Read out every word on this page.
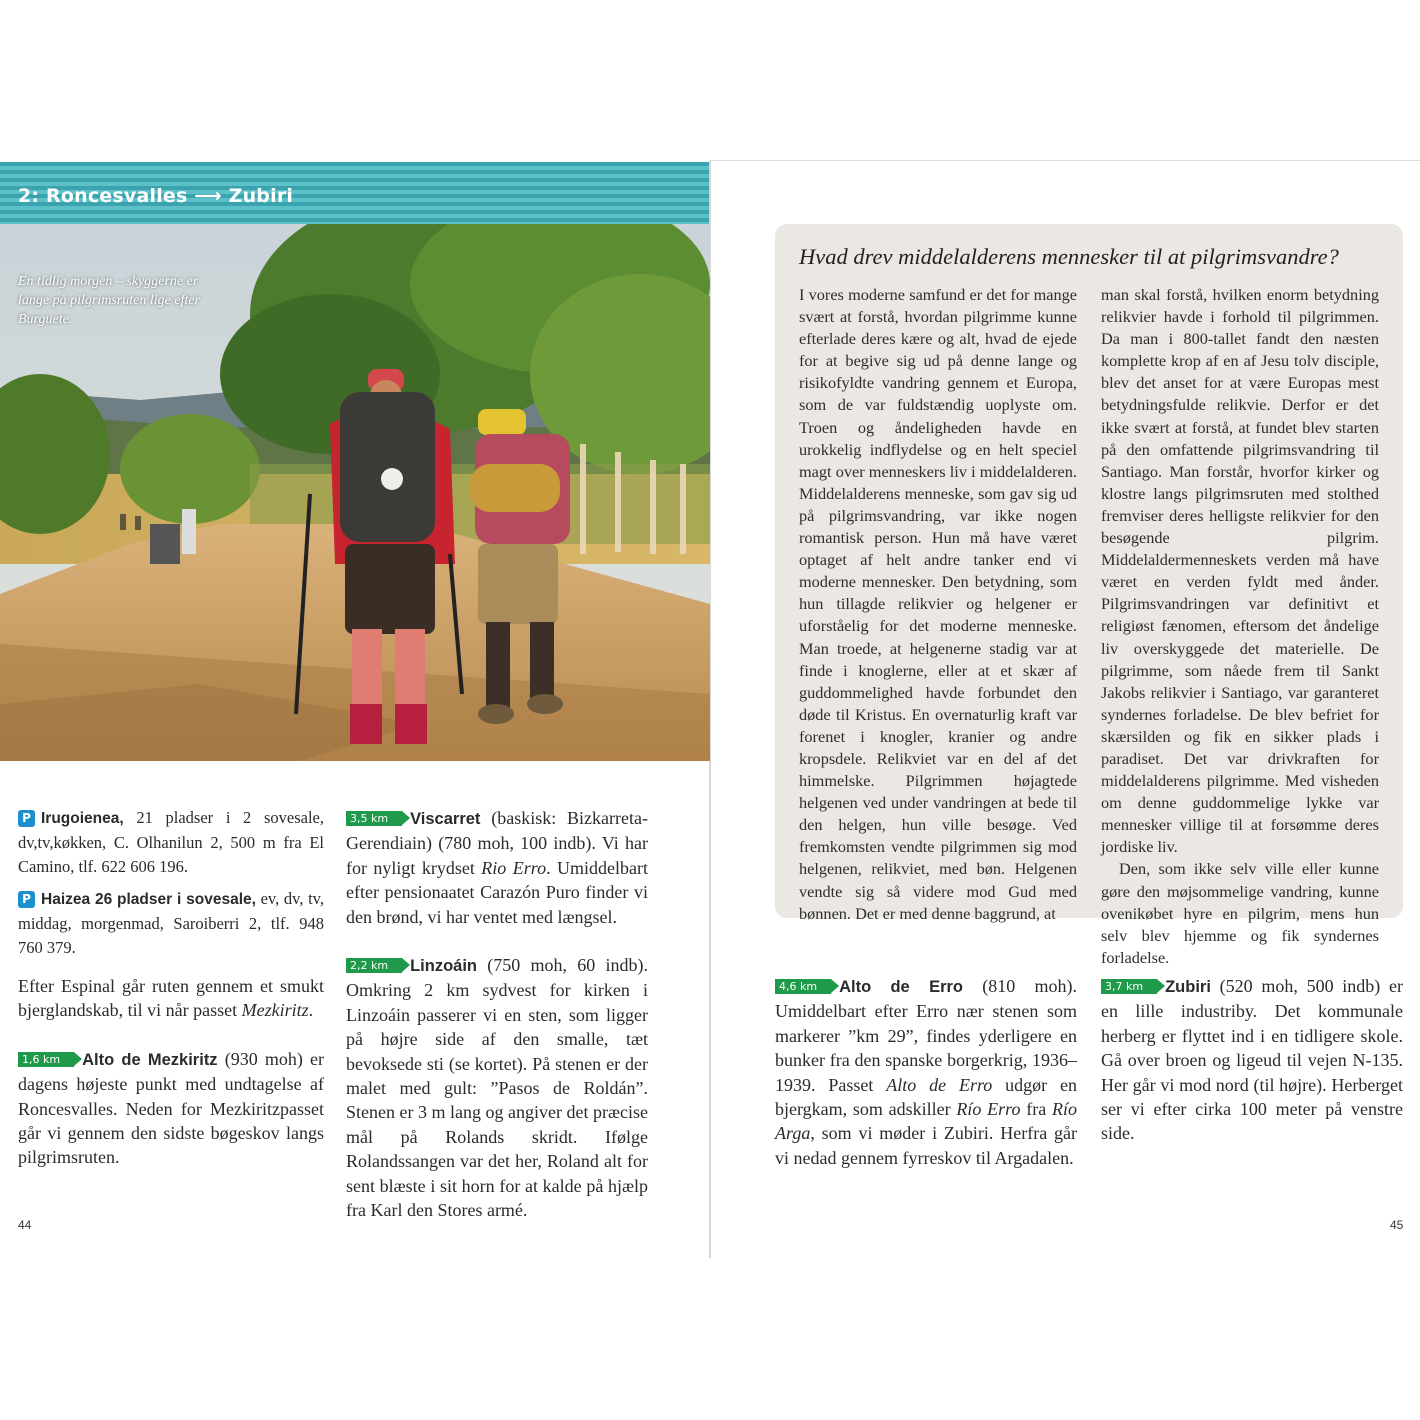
2: Roncesvalles ⟶ Zubiri
En tidlig morgen – skyggerne er lange på pilgrimsruten lige efter Burguete.

P Irugoienea, 21 pladser i 2 sovesale, dv,tv,køkken, C. Olhanilun 2, 500 m fra El Camino, tlf. 622 606 196.

P Haizea 26 pladser i sovesale, ev, dv, tv, middag, morgenmad, Saroiberri 2, tlf. 948 760 379.

Efter Espinal går ruten gennem et smukt bjerglandskab, til vi når passet Mezkiritz.

1,6 km Alto de Mezkiritz (930 moh) er dagens højeste punkt med undtagelse af Roncesvalles. Neden for Mezkiritzpasset går vi gennem den sidste bøgeskov langs pilgrimsruten.

3,5 km Viscarret (baskisk: Bizkarreta-Gerendiain) (780 moh, 100 indb). Vi har for nyligt krydset Rio Erro. Umiddelbart efter pensionaatet Carazón Puro finder vi den brønd, vi har ventet med længsel.

2,2 km Linzoáin (750 moh, 60 indb). Omkring 2 km sydvest for kirken i Linzoáin passerer vi en sten, som ligger på højre side af den smalle, tæt bevoksede sti (se kortet). På stenen er der malet med gult: ”Pasos de Roldán”. Stenen er 3 m lang og angiver det præcise mål på Rolands skridt. Ifølge Rolandssangen var det her, Roland alt for sent blæste i sit horn for at kalde på hjælp fra Karl den Stores armé.

44
Hvad drev middelalderens mennesker til at pilgrimsvandre?

I vores moderne samfund er det for mange svært at forstå, hvordan pilgrimme kunne efterlade deres kære og alt, hvad de ejede for at begive sig ud på denne lange og risikofyldte vandring gennem et Europa, som de var fuldstændig uoplyste om. Troen og åndeligheden havde en urokkelig indflydelse og en helt speciel magt over menneskers liv i middelalderen. Middelalderens menneske, som gav sig ud på pilgrimsvandring, var ikke nogen romantisk person. Hun må have været optaget af helt andre tanker end vi moderne mennesker. Den betydning, som hun tillagde relikvier og helgener er uforståelig for det moderne menneske. Man troede, at helgenerne stadig var at finde i knoglerne, eller at et skær af guddommelighed havde forbundet den døde til Kristus. En overnaturlig kraft var forenet i knogler, kranier og andre kropsdele. Relikviet var en del af det himmelske. Pilgrimmen højagtede helgenen ved under vandringen at bede til den helgen, hun ville besøge. Ved fremkomsten vendte pilgrimmen sig mod helgenen, relikviet, med bøn. Helgenen vendte sig så videre mod Gud med bønnen. Det er med denne baggrund, at

man skal forstå, hvilken enorm betydning relikvier havde i forhold til pilgrimmen. Da man i 800-tallet fandt den næsten komplette krop af en af Jesu tolv disciple, blev det anset for at være Europas mest betydningsfulde relikvie. Derfor er det ikke svært at forstå, at fundet blev starten på den omfattende pilgrimsvandring til Santiago. Man forstår, hvorfor kirker og klostre langs pilgrimsruten med stolthed fremviser deres helligste relikvier for den besøgende pilgrim. Middelaldermenneskets verden må have været en verden fyldt med ånder. Pilgrimsvandringen var definitivt et religiøst fænomen, eftersom det åndelige liv overskyggede det materielle. De pilgrimme, som nåede frem til Sankt Jakobs relikvier i Santiago, var garanteret syndernes forladelse. De blev befriet for skærsilden og fik en sikker plads i paradiset. Det var drivkraften for middelalderens pilgrimme. Med visheden om denne guddommelige lykke var mennesker villige til at forsømme deres jordiske liv.

Den, som ikke selv ville eller kunne gøre den møjsommelige vandring, kunne ovenikøbet hyre en pilgrim, mens hun selv blev hjemme og fik syndernes forladelse.

4,6 km Alto de Erro (810 moh). Umiddelbart efter Erro nær stenen som markerer ”km 29”, findes yderligere en bunker fra den spanske borgerkrig, 1936–1939. Passet Alto de Erro udgør en bjergkam, som adskiller Río Erro fra Río Arga, som vi møder i Zubiri. Herfra går vi nedad gennem fyrreskov til Argadalen.

3,7 km Zubiri (520 moh, 500 indb) er en lille industriby. Det kommunale herberg er flyttet ind i en tidligere skole. Gå over broen og ligeud til vejen N-135. Her går vi mod nord (til højre). Herberget ser vi efter cirka 100 meter på venstre side.

45
